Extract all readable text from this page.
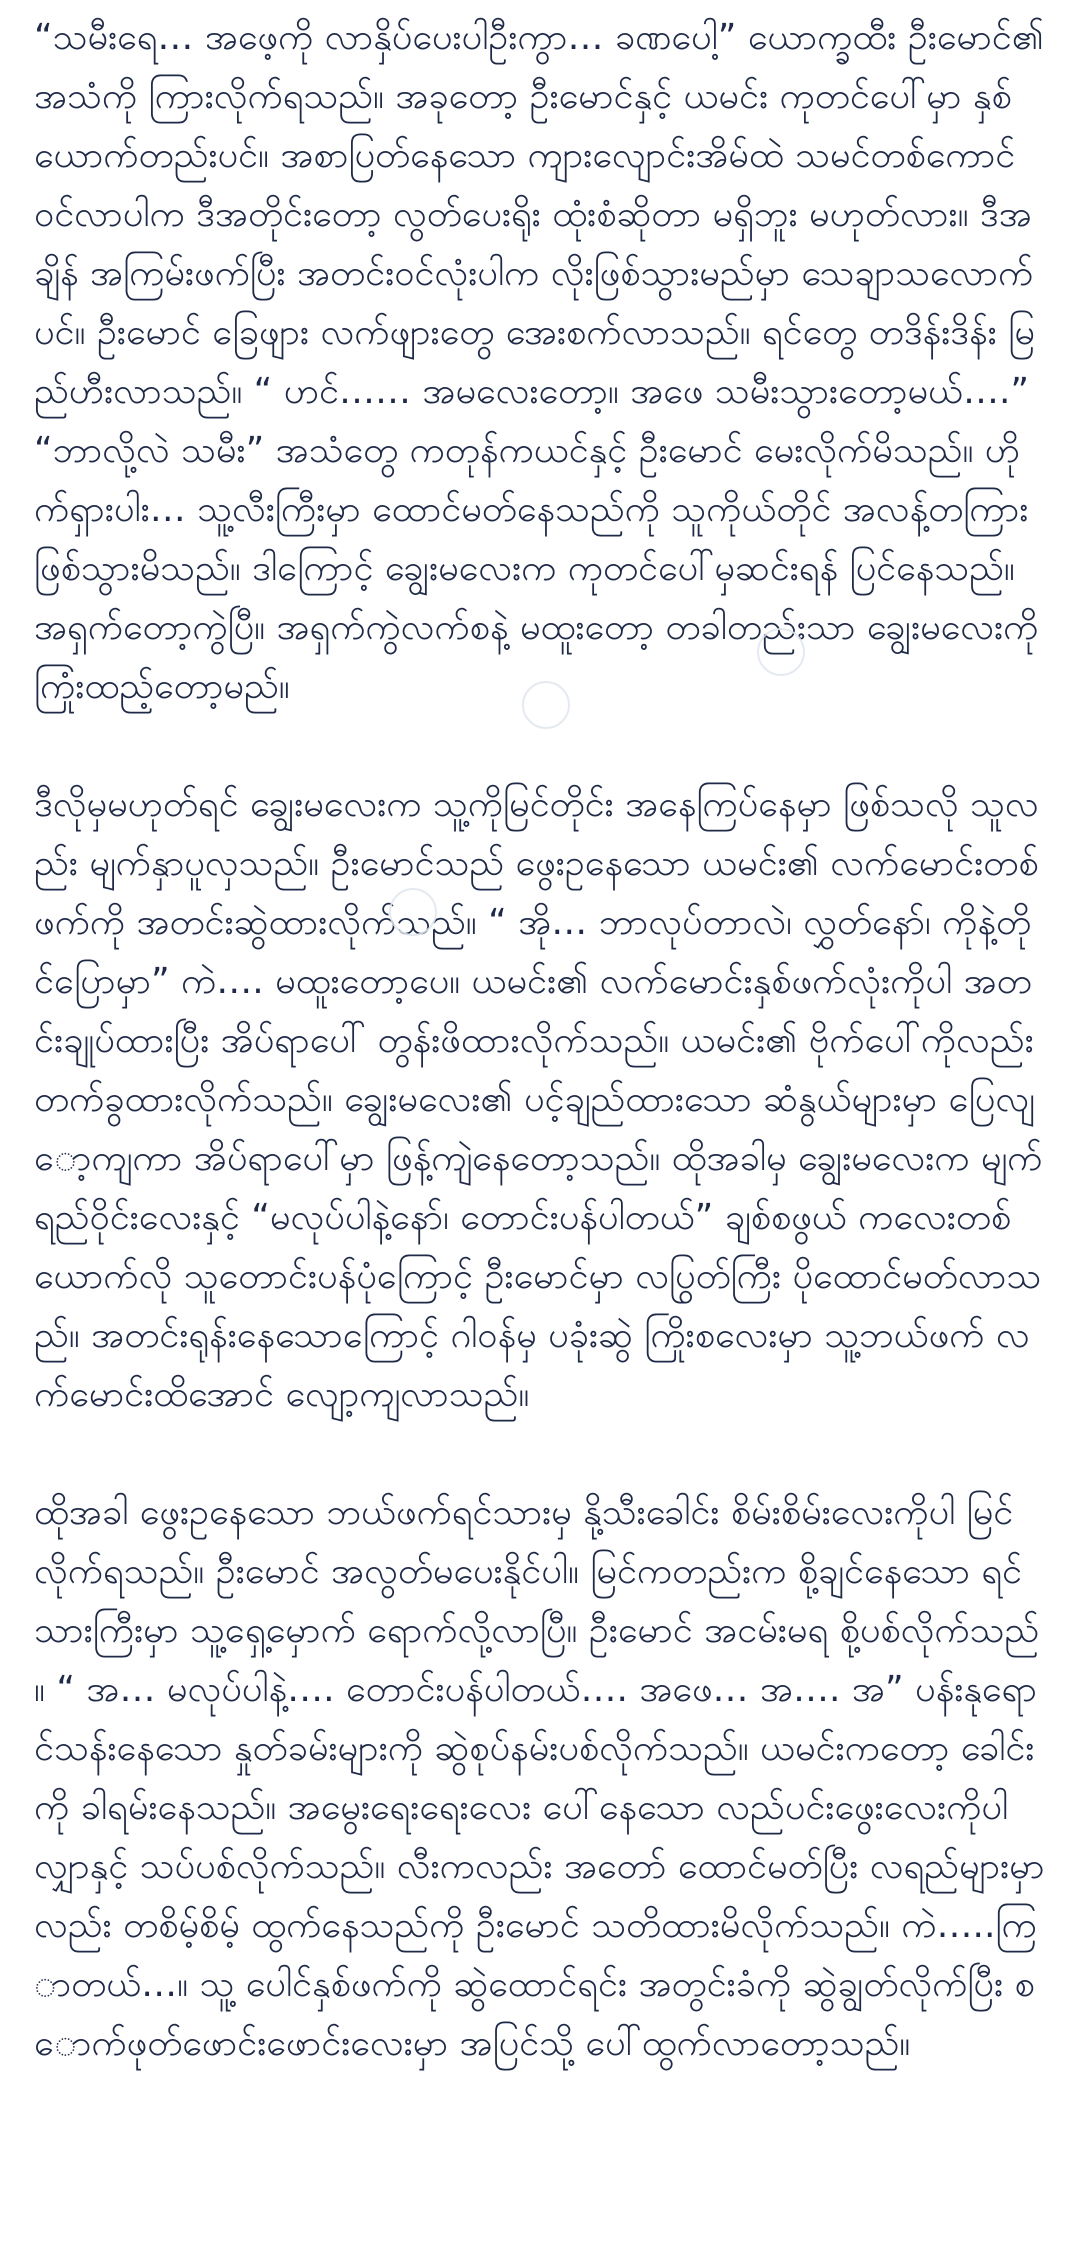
“သမီးရေ… အဖေ့ကို လာနှိပ်ပေးပါဦးကွာ… ခဏပေါ့” ယောက္ခထီး ဦးမောင်၏ အသံကို ကြားလိုက်ရသည်။ အခုတော့ ဦးမောင်နှင့် ယမင်း ကုတင်ပေါ်မှာ နှစ်ယောက်တည်းပင်။ အစာပြတ်နေသော ကျားလျောင်းအိမ်ထဲ သမင်တစ်ကောင် ဝင်လာပါက ဒီအတိုင်းတော့ လွတ်ပေးရိုး ထုံးစံဆိုတာ မရှိဘူး မဟုတ်လား။ ဒီအချိန် အကြမ်းဖက်ပြီး အတင်းဝင်လုံးပါက လိုးဖြစ်သွားမည်မှာ သေချာသလောက်ပင်။ ဦးမောင် ခြေဖျား လက်ဖျားတွေ အေးစက်လာသည်။ ရင်တွေ တဒိန်းဒိန်း မြည်ဟီးလာသည်။ “ ဟင်…… အမလေးတော့။ အဖေ သမီးသွားတော့မယ်….” “ဘာလို့လဲ သမီး” အသံတွေ ကတုန်ကယင်နှင့် ဦးမောင် မေးလိုက်မိသည်။ ဟိုက်ရှားပါး… သူ့လီးကြီးမှာ ထောင်မတ်နေသည်ကို သူကိုယ်တိုင် အလန့်တကြား ဖြစ်သွားမိသည်။ ဒါကြောင့် ချွေးမလေးက ကုတင်ပေါ်မှဆင်းရန် ပြင်နေသည်။ အရှက်တော့ကွဲပြီ။ အရှက်ကွဲလက်စနဲ့ မထူးတော့ တခါတည်းသာ ချွေးမလေးကို ကြုံးထည့်တော့မည်။

ဒီလိုမှမဟုတ်ရင် ချွေးမလေးက သူ့ကိုမြင်တိုင်း အနေကြပ်နေမှာ ဖြစ်သလို သူလည်း မျက်နှာပူလှသည်။ ဦးမောင်သည် ဖွေးဥနေသော ယမင်း၏ လက်မောင်းတစ်ဖက်ကို အတင်းဆွဲထားလိုက်သည်။ “ အို… ဘာလုပ်တာလဲ၊ လွှတ်နော်၊ ကိုနဲ့တိုင်ပြောမှာ” ကဲ…. မထူးတော့ပေ။ ယမင်း၏ လက်မောင်းနှစ်ဖက်လုံးကိုပါ အတင်းချုပ်ထားပြီး အိပ်ရာပေါ် တွန်းဖိထားလိုက်သည်။ ယမင်း၏ ဗိုက်ပေါ်ကိုလည်း တက်ခွထားလိုက်သည်။ ချွေးမလေး၏ ပင့်ချည်ထားသော ဆံနွယ်များမှာ ပြေလျော့ကျကာ အိပ်ရာပေါ်မှာ ဖြန့်ကျဲနေတော့သည်။ ထိုအခါမှ ချွေးမလေးက မျက်ရည်ဝိုင်းလေးနှင့် “မလုပ်ပါနဲ့နော်၊ တောင်းပန်ပါတယ်” ချစ်စဖွယ် ကလေးတစ်ယောက်လို သူတောင်းပန်ပုံကြောင့် ဦးမောင်မှာ လပြွတ်ကြီး ပိုထောင်မတ်လာသည်။ အတင်းရုန်းနေသောကြောင့် ဂါဝန်မှ ပခုံးဆွဲ ကြိုးစလေးမှာ သူ့ဘယ်ဖက် လက်မောင်းထိအောင် လျော့ကျလာသည်။

ထိုအခါ ဖွေးဥနေသော ဘယ်ဖက်ရင်သားမှ နို့သီးခေါင်း စိမ်းစိမ်းလေးကိုပါ မြင်လိုက်ရသည်။ ဦးမောင် အလွတ်မပေးနိုင်ပါ။ မြင်ကတည်းက စို့ချင်နေသော ရင်သားကြီးမှာ သူ့ရှေ့မှောက် ရောက်လို့လာပြီ။ ဦးမောင် အငမ်းမရ စို့ပစ်လိုက်သည်။ “ အ… မလုပ်ပါနဲ့…. တောင်းပန်ပါတယ်…. အဖေ… အ…. အ” ပန်းနုရောင်သန်းနေသော နှုတ်ခမ်းများကို ဆွဲစုပ်နမ်းပစ်လိုက်သည်။ ယမင်းကတော့ ခေါင်းကို ခါရမ်းနေသည်။ အမွေးရေးရေးလေး ပေါ်နေသော လည်ပင်းဖွေးလေးကိုပါ လျှာနှင့် သပ်ပစ်လိုက်သည်။ လီးကလည်း အတော် ထောင်မတ်ပြီး လရည်များမှာလည်း တစိမ့်စိမ့် ထွက်နေသည်ကို ဦးမောင် သတိထားမိလိုက်သည်။ ကဲ…..ကြာတယ်…။ သူ့ ပေါင်နှစ်ဖက်ကို ဆွဲထောင်ရင်း အတွင်းခံကို ဆွဲချွတ်လိုက်ပြီး စောက်ဖုတ်ဖောင်းဖောင်းလေးမှာ အပြင်သို့ ပေါ်ထွက်လာတော့သည်။
